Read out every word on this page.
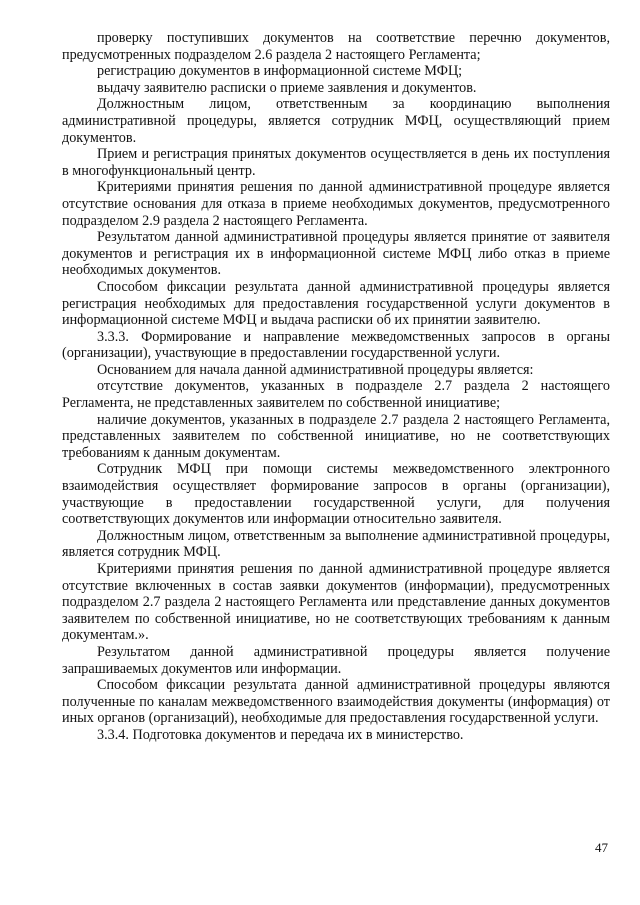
проверку поступивших документов на соответствие перечню документов, предусмотренных подразделом 2.6 раздела 2 настоящего Регламента;

регистрацию документов в информационной системе МФЦ;

выдачу заявителю расписки о приеме заявления и документов.

Должностным лицом, ответственным за координацию выполнения административной процедуры, является сотрудник МФЦ, осуществляющий прием документов.

Прием и регистрация принятых документов осуществляется в день их поступления в многофункциональный центр.

Критериями принятия решения по данной административной процедуре является отсутствие основания для отказа в приеме необходимых документов, предусмотренного подразделом 2.9 раздела 2 настоящего Регламента.

Результатом данной административной процедуры является принятие от заявителя документов и регистрация их в информационной системе МФЦ либо отказ в приеме необходимых документов.

Способом фиксации результата данной административной процедуры является регистрация необходимых для предоставления государственной услуги документов в информационной системе МФЦ и выдача расписки об их принятии заявителю.

3.3.3. Формирование и направление межведомственных запросов в органы (организации), участвующие в предоставлении государственной услуги.

Основанием для начала данной административной процедуры является:

отсутствие документов, указанных в подразделе 2.7 раздела 2 настоящего Регламента, не представленных заявителем по собственной инициативе;

наличие документов, указанных в подразделе 2.7 раздела 2 настоящего Регламента, представленных заявителем по собственной инициативе, но не соответствующих требованиям к данным документам.

Сотрудник МФЦ при помощи системы межведомственного электронного взаимодействия осуществляет формирование запросов в органы (организации), участвующие в предоставлении государственной услуги, для получения соответствующих документов или информации относительно заявителя.

Должностным лицом, ответственным за выполнение административной процедуры, является сотрудник МФЦ.

Критериями принятия решения по данной административной процедуре является отсутствие включенных в состав заявки документов (информации), предусмотренных подразделом 2.7 раздела 2 настоящего Регламента или представление данных документов заявителем по собственной инициативе, но не соответствующих требованиям к данным документам.».

Результатом данной административной процедуры является получение запрашиваемых документов или информации.

Способом фиксации результата данной административной процедуры являются полученные по каналам межведомственного взаимодействия документы (информация) от иных органов (организаций), необходимые для предоставления государственной услуги.

3.3.4. Подготовка документов и передача их в министерство.

47
